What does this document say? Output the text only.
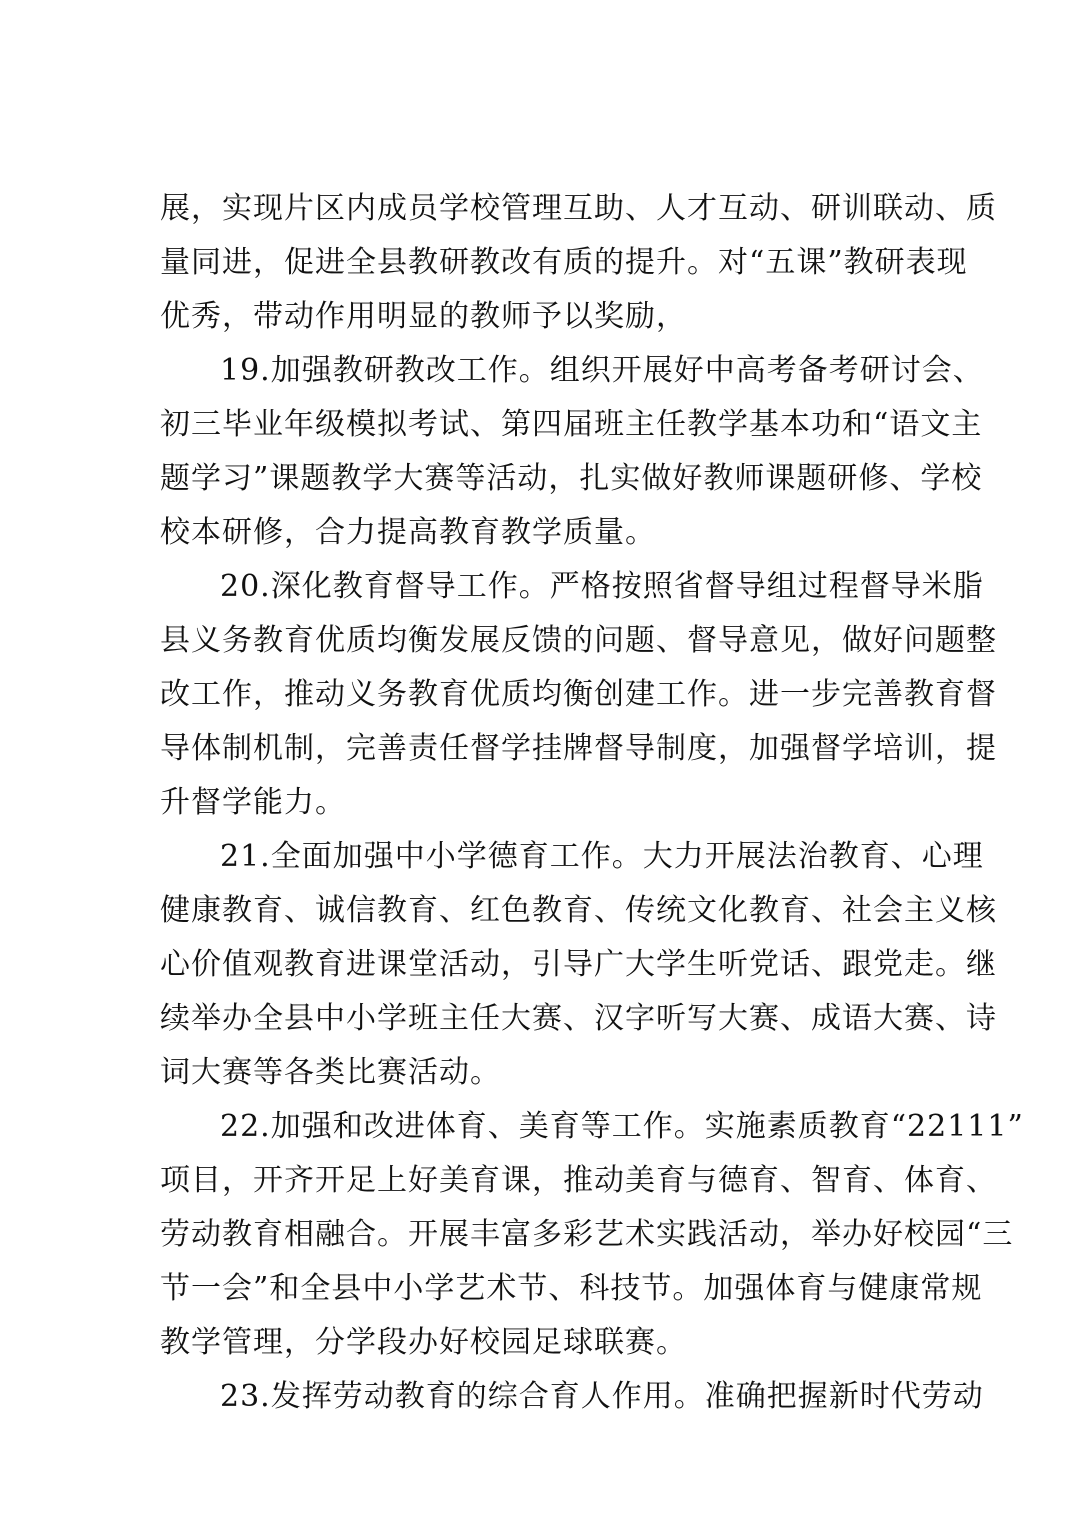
展，实现片区内成员学校管理互助、人才互动、研训联动、质
量同进，促进全县教研教改有质的提升。对“五课”教研表现
优秀，带动作用明显的教师予以奖励，
19.加强教研教改工作。组织开展好中高考备考研讨会、
初三毕业年级模拟考试、第四届班主任教学基本功和“语文主
题学习”课题教学大赛等活动，扎实做好教师课题研修、学校
校本研修，合力提高教育教学质量。
20.深化教育督导工作。严格按照省督导组过程督导米脂
县义务教育优质均衡发展反馈的问题、督导意见，做好问题整
改工作，推动义务教育优质均衡创建工作。进一步完善教育督
导体制机制，完善责任督学挂牌督导制度，加强督学培训，提
升督学能力。
21.全面加强中小学德育工作。大力开展法治教育、心理
健康教育、诚信教育、红色教育、传统文化教育、社会主义核
心价值观教育进课堂活动，引导广大学生听党话、跟党走。继
续举办全县中小学班主任大赛、汉字听写大赛、成语大赛、诗
词大赛等各类比赛活动。
22.加强和改进体育、美育等工作。实施素质教育“22111”
项目，开齐开足上好美育课，推动美育与德育、智育、体育、
劳动教育相融合。开展丰富多彩艺术实践活动，举办好校园“三
节一会”和全县中小学艺术节、科技节。加强体育与健康常规
教学管理，分学段办好校园足球联赛。
23.发挥劳动教育的综合育人作用。准确把握新时代劳动
